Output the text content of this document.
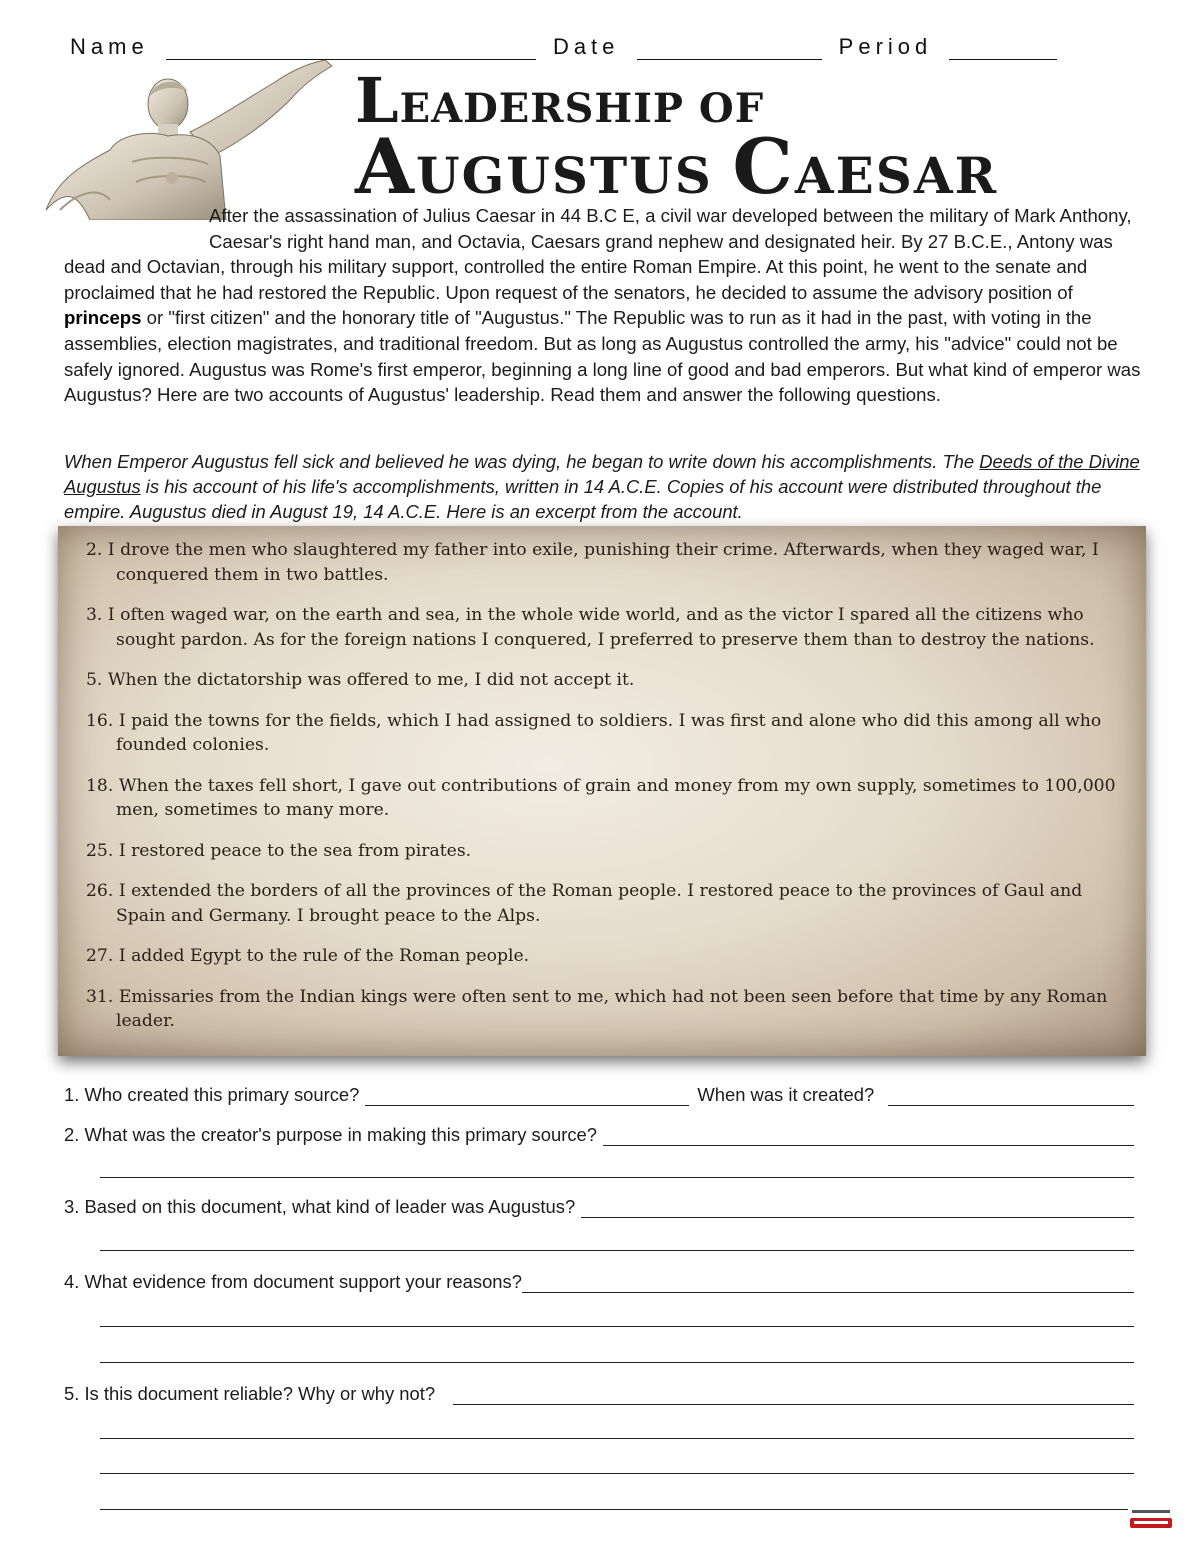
Name	Date	Period
LEADERSHIP OF
AUGUSTUS CAESAR
After the assassination of Julius Caesar in 44 B.C E, a civil war developed between the military of Mark Anthony, Caesar's right hand man, and Octavia, Caesars grand nephew and designated heir. By 27 B.C.E., Antony was dead and Octavian, through his military support, controlled the entire Roman Empire. At this point, he went to the senate and proclaimed that he had restored the Republic. Upon request of the senators, he decided to assume the advisory position of princeps or "first citizen" and the honorary title of "Augustus." The Republic was to run as it had in the past, with voting in the assemblies, election magistrates, and traditional freedom. But as long as Augustus controlled the army, his "advice" could not be safely ignored. Augustus was Rome's first emperor, beginning a long line of good and bad emperors. But what kind of emperor was Augustus? Here are two accounts of Augustus' leadership. Read them and answer the following questions.
When Emperor Augustus fell sick and believed he was dying, he began to write down his accomplishments. The Deeds of the Divine Augustus is his account of his life's accomplishments, written in 14 A.C.E. Copies of his account were distributed throughout the empire. Augustus died in August 19, 14 A.C.E. Here is an excerpt from the account.
2. I drove the men who slaughtered my father into exile, punishing their crime. Afterwards, when they waged war, I conquered them in two battles.
3. I often waged war, on the earth and sea, in the whole wide world, and as the victor I spared all the citizens who sought pardon. As for the foreign nations I conquered, I preferred to preserve them than to destroy the nations.
5. When the dictatorship was offered to me, I did not accept it.
16. I paid the towns for the fields, which I had assigned to soldiers. I was first and alone who did this among all who founded colonies.
18. When the taxes fell short, I gave out contributions of grain and money from my own supply, sometimes to 100,000 men, sometimes to many more.
25. I restored peace to the sea from pirates.
26. I extended the borders of all the provinces of the Roman people. I restored peace to the provinces of Gaul and Spain and Germany. I brought peace to the Alps.
27. I added Egypt to the rule of the Roman people.
31. Emissaries from the Indian kings were often sent to me, which had not been seen before that time by any Roman leader.
1. Who created this primary source?	When was it created?
2. What was the creator's purpose in making this primary source?
3. Based on this document, what kind of leader was Augustus?
4. What evidence from document support your reasons?
5. Is this document reliable? Why or why not?
